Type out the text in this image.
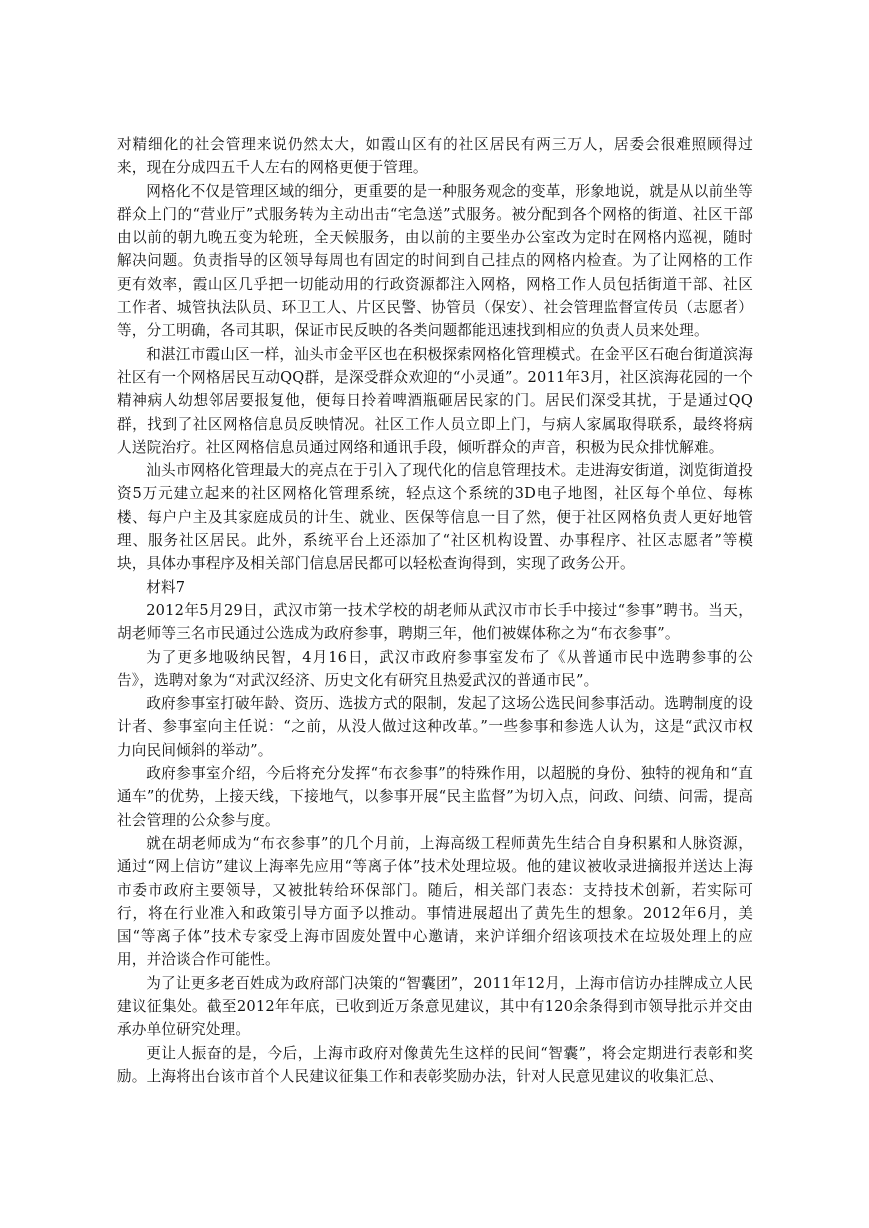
对精细化的社会管理来说仍然太大，如霞山区有的社区居民有两三万人，居委会很难照顾得过来，现在分成四五千人左右的网格更便于管理。

网格化不仅是管理区域的细分，更重要的是一种服务观念的变革，形象地说，就是从以前坐等群众上门的“营业厅”式服务转为主动出击“宅急送”式服务。被分配到各个网格的街道、社区干部由以前的朝九晚五变为轮班，全天候服务，由以前的主要坐办公室改为定时在网格内巡视，随时解决问题。负责指导的区领导每周也有固定的时间到自己挂点的网格内检查。为了让网格的工作更有效率，霞山区几乎把一切能动用的行政资源都注入网格，网格工作人员包括街道干部、社区工作者、城管执法队员、环卫工人、片区民警、协管员（保安）、社会管理监督宣传员（志愿者）等，分工明确，各司其职，保证市民反映的各类问题都能迅速找到相应的负责人员来处理。

和湛江市霞山区一样，汕头市金平区也在积极探索网格化管理模式。在金平区石砲台街道滨海社区有一个网格居民互动QQ群，是深受群众欢迎的“小灵通”。2011年3月，社区滨海花园的一个精神病人幼想邻居要报复他，便每日拎着啤酒瓶砸居民家的门。居民们深受其扰，于是通过QQ群，找到了社区网格信息员反映情况。社区工作人员立即上门，与病人家属取得联系，最终将病人送院治疗。社区网格信息员通过网络和通讯手段，倾听群众的声音，积极为民众排忧解难。

汕头市网格化管理最大的亮点在于引入了现代化的信息管理技术。走进海安街道，浏览街道投资5万元建立起来的社区网格化管理系统，轻点这个系统的3D电子地图，社区每个单位、每栋楼、每户户主及其家庭成员的计生、就业、医保等信息一目了然，便于社区网格负责人更好地管理、服务社区居民。此外，系统平台上还添加了“社区机构设置、办事程序、社区志愿者”等模块，具体办事程序及相关部门信息居民都可以轻松查询得到，实现了政务公开。

材料7

2012年5月29日，武汉市第一技术学校的胡老师从武汉市市长手中接过“参事”聘书。当天，胡老师等三名市民通过公选成为政府参事，聘期三年，他们被媒体称之为“布衣参事”。

为了更多地吸纳民智，4月16日，武汉市政府参事室发布了《从普通市民中选聘参事的公告》，选聘对象为“对武汉经济、历史文化有研究且热爱武汉的普通市民”。

政府参事室打破年龄、资历、选拔方式的限制，发起了这场公选民间参事活动。选聘制度的设计者、参事室向主任说：“之前，从没人做过这种改革。”一些参事和参选人认为，这是“武汉市权力向民间倾斜的举动”。

政府参事室介绍，今后将充分发挥“布衣参事”的特殊作用，以超脱的身份、独特的视角和“直通车”的优势，上接天线，下接地气，以参事开展“民主监督”为切入点，问政、问绩、问需，提高社会管理的公众参与度。

就在胡老师成为“布衣参事”的几个月前，上海高级工程师黄先生结合自身积累和人脉资源，通过“网上信访”建议上海率先应用“等离子体”技术处理垃圾。他的建议被收录进摘报并送达上海市委市政府主要领导，又被批转给环保部门。随后，相关部门表态：支持技术创新，若实际可行，将在行业准入和政策引导方面予以推动。事情进展超出了黄先生的想象。2012年6月，美国“等离子体”技术专家受上海市固废处置中心邀请，来沪详细介绍该项技术在垃圾处理上的应用，并洽谈合作可能性。

为了让更多老百姓成为政府部门决策的“智囊团”，2011年12月，上海市信访办挂牌成立人民建议征集处。截至2012年年底，已收到近万条意见建议，其中有120余条得到市领导批示并交由承办单位研究处理。

更让人振奋的是，今后，上海市政府对像黄先生这样的民间“智囊”，将会定期进行表彰和奖励。上海将出台该市首个人民建议征集工作和表彰奖励办法，针对人民意见建议的收集汇总、
